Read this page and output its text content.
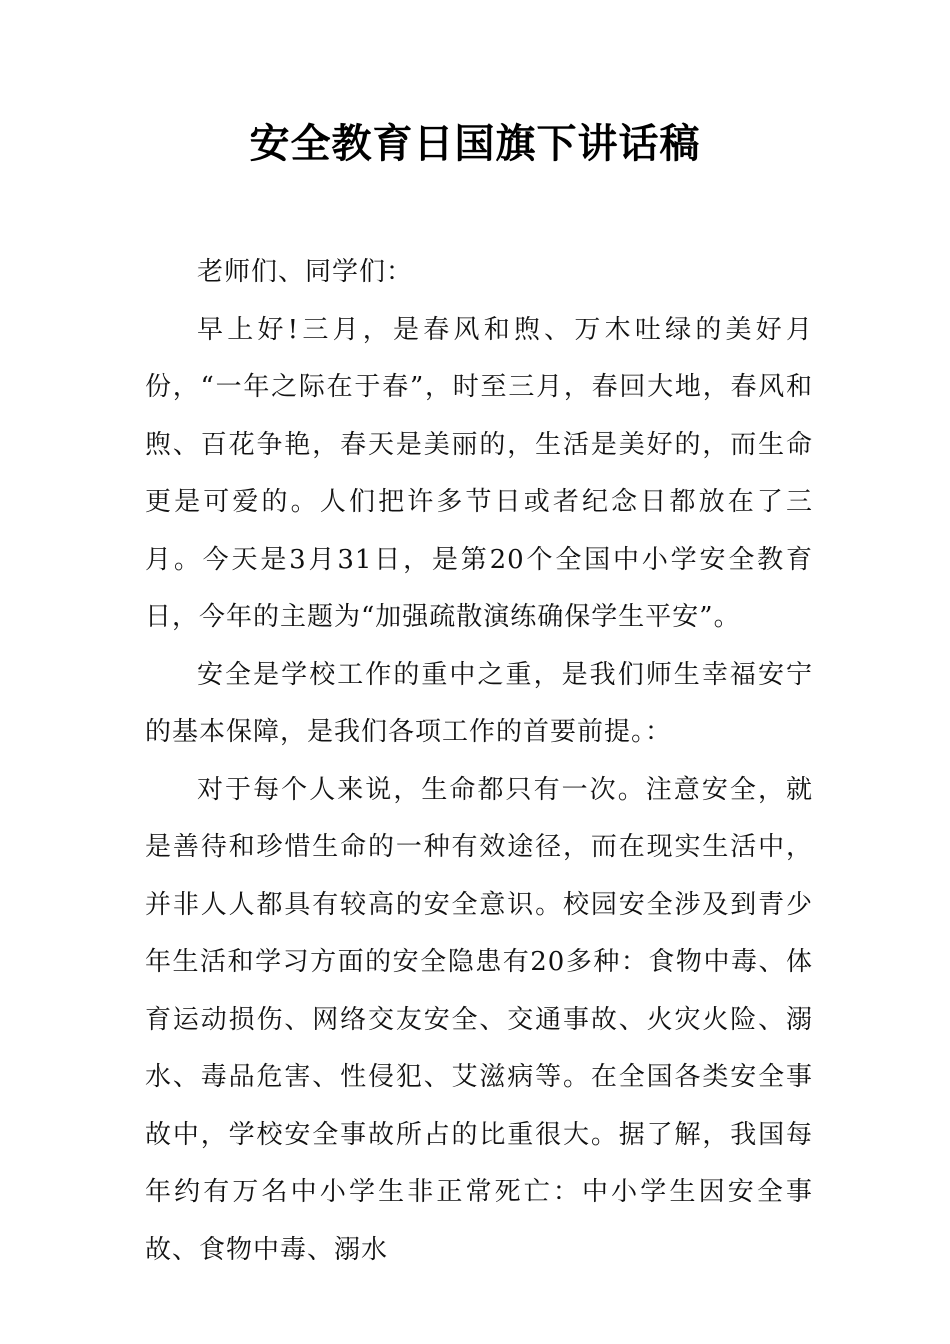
安全教育日国旗下讲话稿

老师们、同学们：

早上好!三月，是春风和煦、万木吐绿的美好月份，“一年之际在于春”，时至三月，春回大地，春风和煦、百花争艳，春天是美丽的，生活是美好的，而生命更是可爱的。人们把许多节日或者纪念日都放在了三月。今天是3月31日，是第20个全国中小学安全教育日，今年的主题为“加强疏散演练确保学生平安”。

安全是学校工作的重中之重，是我们师生幸福安宁的基本保障，是我们各项工作的首要前提。：

对于每个人来说，生命都只有一次。注意安全，就是善待和珍惜生命的一种有效途径，而在现实生活中，并非人人都具有较高的安全意识。校园安全涉及到青少年生活和学习方面的安全隐患有20多种：食物中毒、体育运动损伤、网络交友安全、交通事故、火灾火险、溺水、毒品危害、性侵犯、艾滋病等。在全国各类安全事故中，学校安全事故所占的比重很大。据了解，我国每年约有万名中小学生非正常死亡：中小学生因安全事故、食物中毒、溺水
